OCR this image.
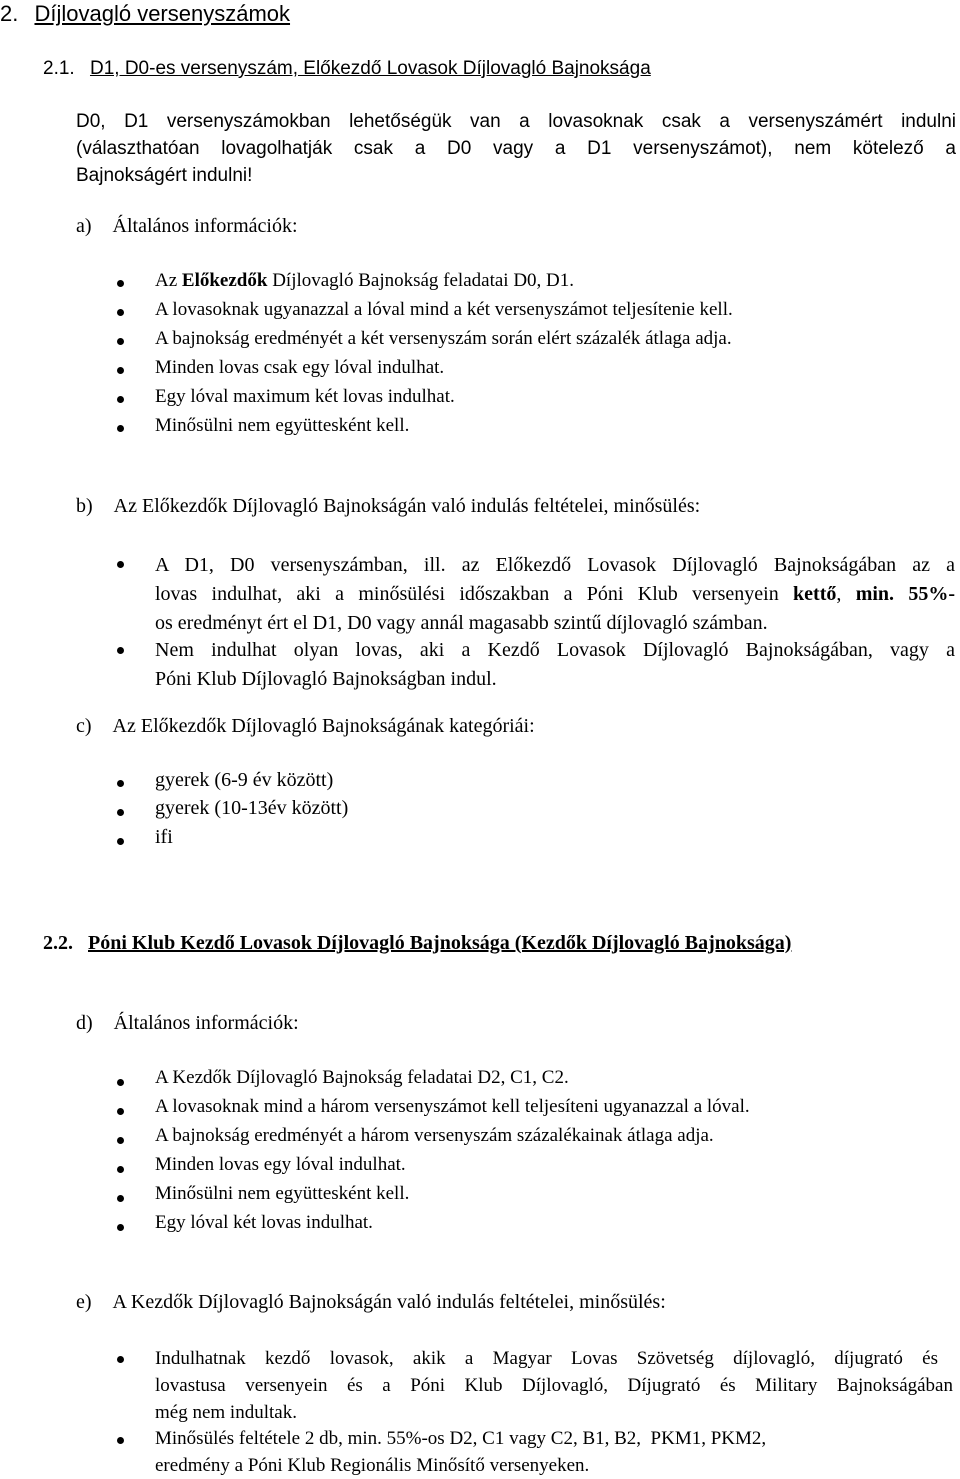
2. Díjlovagló versenyszámok
2.1. D1, D0-es versenyszám, Előkezdő Lovasok Díjlovagló Bajnoksága
D0, D1 versenyszámokban lehetőségük van a lovasoknak csak a versenyszámért indulni
(választhatóan lovagolhatják csak a D0 vagy a D1 versenyszámot), nem kötelező a
Bajnokságért indulni!
a) Általános információk:
Az Előkezdők Díjlovagló Bajnokság feladatai D0, D1.
A lovasoknak ugyanazzal a lóval mind a két versenyszámot teljesítenie kell.
A bajnokság eredményét a két versenyszám során elért százalék átlaga adja.
Minden lovas csak egy lóval indulhat.
Egy lóval maximum két lovas indulhat.
Minősülni nem együttesként kell.
b) Az Előkezdők Díjlovagló Bajnokságán való indulás feltételei, minősülés:
A D1, D0 versenyszámban, ill. az Előkezdő Lovasok Díjlovagló Bajnokságában az a
lovas indulhat, aki a minősülési időszakban a Póni Klub versenyein kettő, min. 55%-
os eredményt ért el D1, D0 vagy annál magasabb szintű díjlovagló számban.
Nem indulhat olyan lovas, aki a Kezdő Lovasok Díjlovagló Bajnokságában, vagy a
Póni Klub Díjlovagló Bajnokságban indul.
c) Az Előkezdők Díjlovagló Bajnokságának kategóriái:
gyerek (6-9 év között)
gyerek (10-13év között)
ifi
2.2. Póni Klub Kezdő Lovasok Díjlovagló Bajnoksága (Kezdők Díjlovagló Bajnoksága)
d) Általános információk:
A Kezdők Díjlovagló Bajnokság feladatai D2, C1, C2.
A lovasoknak mind a három versenyszámot kell teljesíteni ugyanazzal a lóval.
A bajnokság eredményét a három versenyszám százalékainak átlaga adja.
Minden lovas egy lóval indulhat.
Minősülni nem együttesként kell.
Egy lóval két lovas indulhat.
e) A Kezdők Díjlovagló Bajnokságán való indulás feltételei, minősülés:
Indulhatnak kezdő lovasok, akik a Magyar Lovas Szövetség díjlovagló, díjugrató és
lovastusa versenyein és a Póni Klub Díjlovagló, Díjugrató és Military Bajnokságában
még nem indultak.
Minősülés feltétele 2 db, min. 55%-os D2, C1 vagy C2, B1, B2,  PKM1, PKM2,
eredmény a Póni Klub Regionális Minősítő versenyeken.
